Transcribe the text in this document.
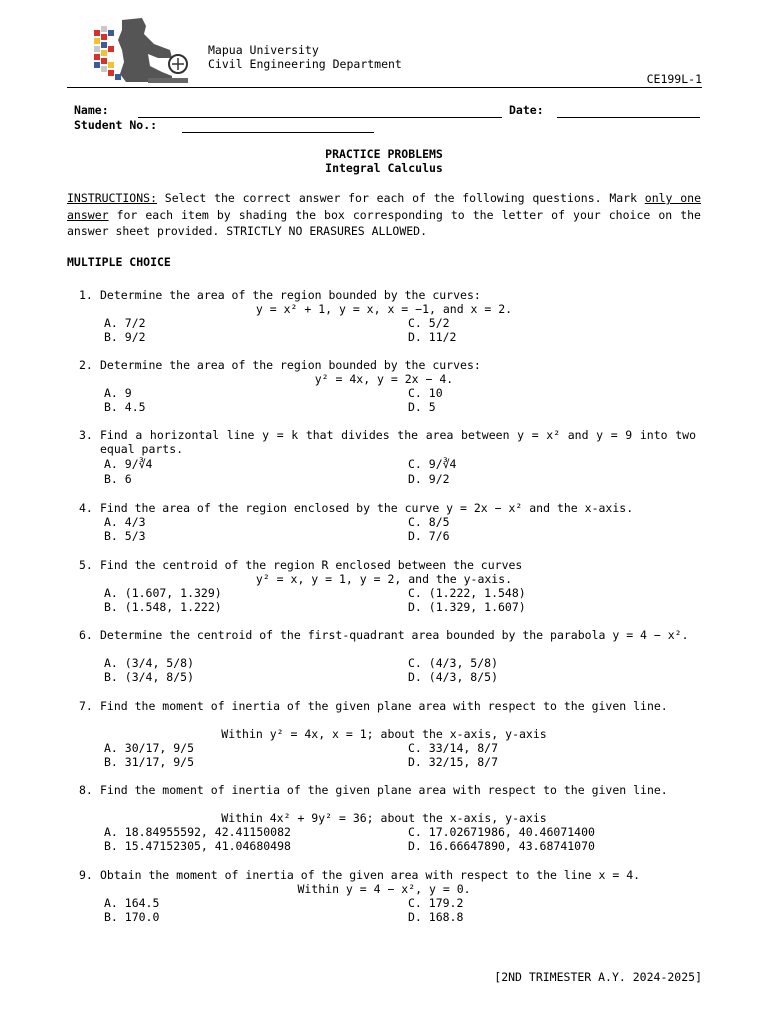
Mapua University
Civil Engineering Department
CE199L-1
Name:	Date:
Student No.:
PRACTICE PROBLEMS
Integral Calculus
INSTRUCTIONS: Select the correct answer for each of the following questions. Mark only one answer for each item by shading the box corresponding to the letter of your choice on the answer sheet provided. STRICTLY NO ERASURES ALLOWED.
MULTIPLE CHOICE
1. Determine the area of the region bounded by the curves:
y = x² + 1, y = x, x = −1, and x = 2.
A. 7/2
B. 9/2
C. 5/2
D. 11/2
2. Determine the area of the region bounded by the curves:
y² = 4x, y = 2x − 4.
A. 9
B. 4.5
C. 10
D. 5
3. Find a horizontal line y = k that divides the area between y = x² and y = 9 into two equal parts.
A. 9/∛4
B. 6
C. 9/∛4
D. 9/2
4. Find the area of the region enclosed by the curve y = 2x − x² and the x-axis.
A. 4/3
B. 5/3
C. 8/5
D. 7/6
5. Find the centroid of the region R enclosed between the curves
y² = x, y = 1, y = 2, and the y-axis.
A. (1.607, 1.329)
B. (1.548, 1.222)
C. (1.222, 1.548)
D. (1.329, 1.607)
6. Determine the centroid of the first-quadrant area bounded by the parabola y = 4 − x².
A. (3/4, 5/8)
B. (3/4, 8/5)
C. (4/3, 5/8)
D. (4/3, 8/5)
7. Find the moment of inertia of the given plane area with respect to the given line.
Within y² = 4x, x = 1; about the x-axis, y-axis
A. 30/17, 9/5
B. 31/17, 9/5
C. 33/14, 8/7
D. 32/15, 8/7
8. Find the moment of inertia of the given plane area with respect to the given line.
Within 4x² + 9y² = 36; about the x-axis, y-axis
A. 18.84955592, 42.41150082
B. 15.47152305, 41.04680498
C. 17.02671986, 40.46071400
D. 16.66647890, 43.68741070
9. Obtain the moment of inertia of the given area with respect to the line x = 4.
Within y = 4 − x², y = 0.
A. 164.5
B. 170.0
C. 179.2
D. 168.8
[2ND TRIMESTER A.Y. 2024-2025]
